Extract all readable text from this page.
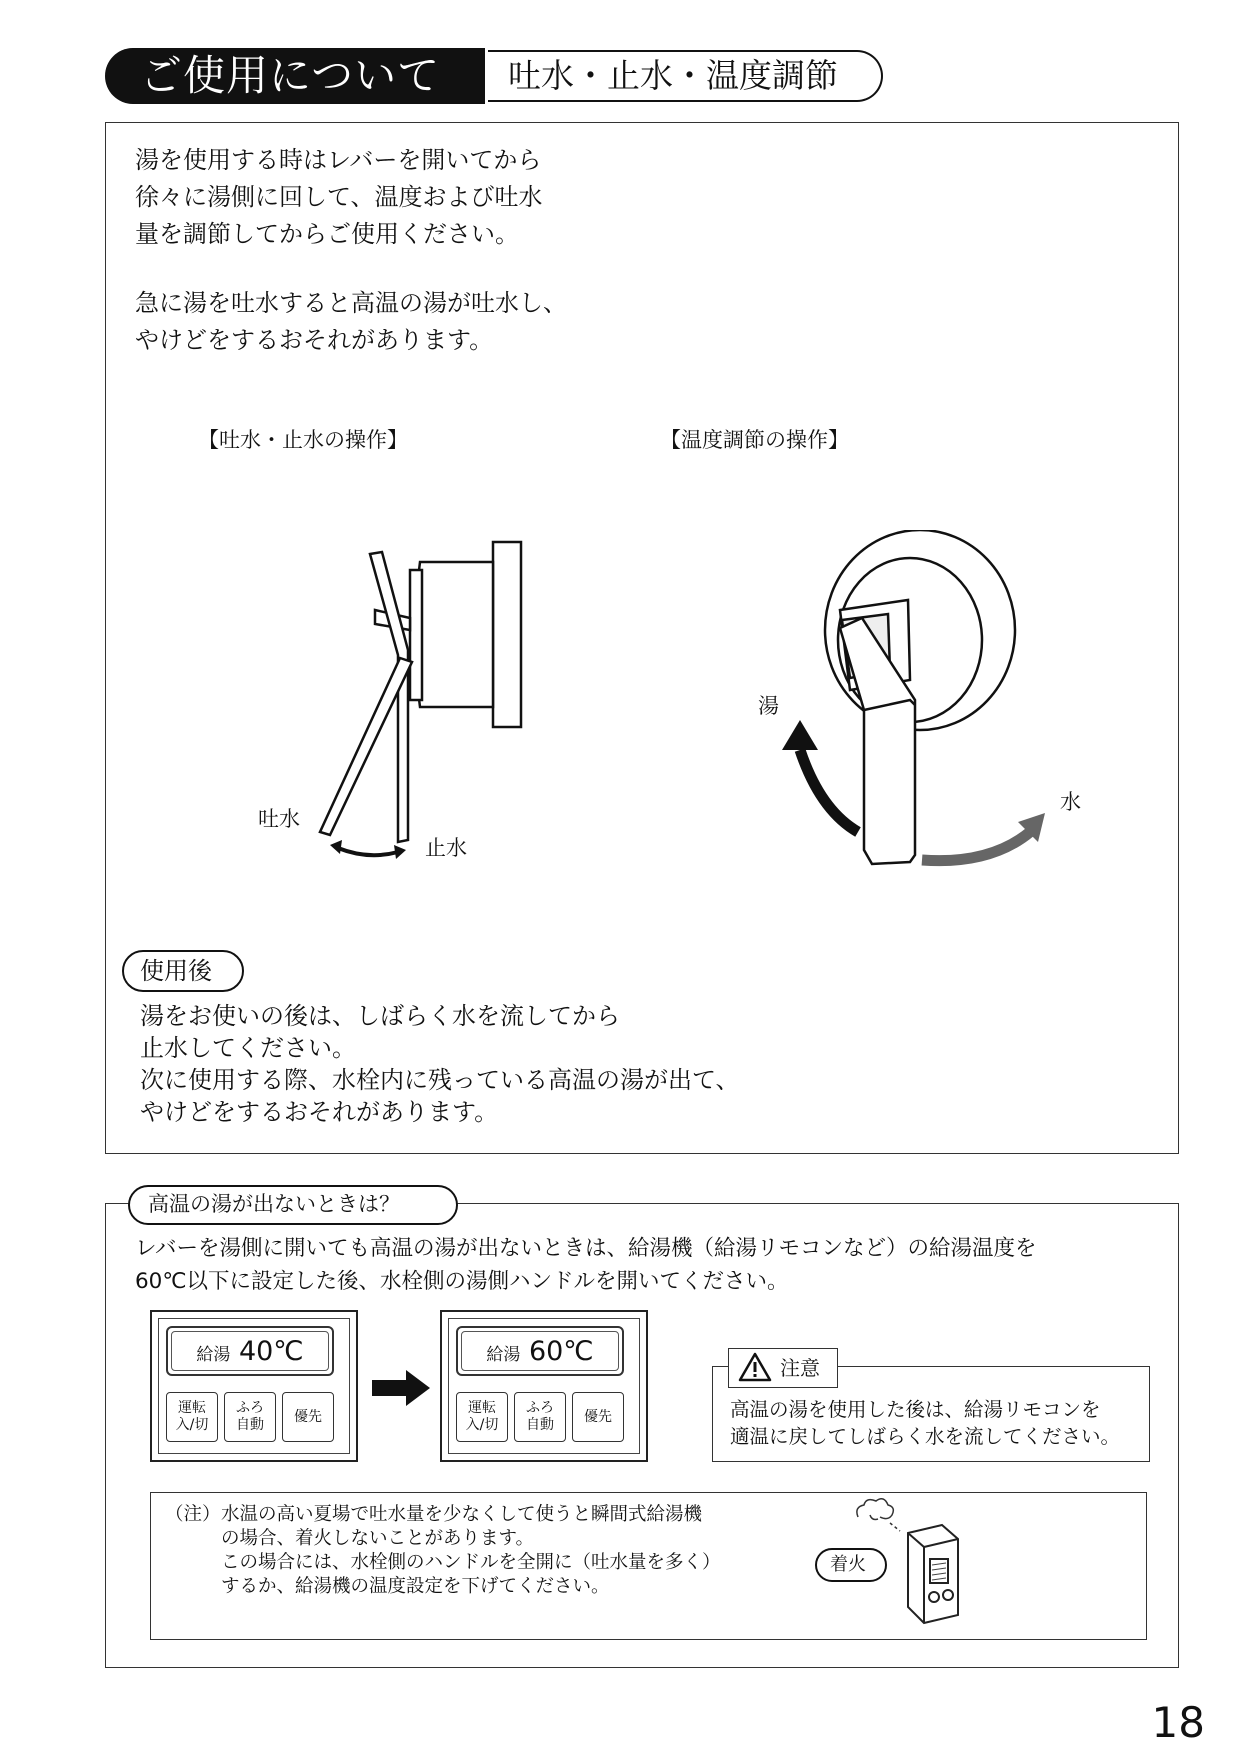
ご使用について 吐水・止水・温度調節
湯を使用する時はレバーを開いてから
徐々に湯側に回して、温度および吐水
量を調節してからご使用ください。
急に湯を吐水すると高温の湯が吐水し、
やけどをするおそれがあります。
【吐水・止水の操作】	【温度調節の操作】
吐水
止水
湯
水
使用後
湯をお使いの後は、しばらく水を流してから
止水してください。
次に使用する際、水栓内に残っている高温の湯が出て、
やけどをするおそれがあります。
高温の湯が出ないときは？
レバーを湯側に開いても高温の湯が出ないときは、給湯機（給湯リモコンなど）の給湯温度を
60℃以下に設定した後、水栓側の湯側ハンドルを開いてください。
給湯 40℃
運転
入/切
ふろ
自動
優先
給湯 60℃
運転
入/切
ふろ
自動
優先
注意
高温の湯を使用した後は、給湯リモコンを
適温に戻してしばらく水を流してください。
（注） 水温の高い夏場で吐水量を少なくして使うと瞬間式給湯機
の場合、着火しないことがあります。
この場合には、水栓側のハンドルを全開に（吐水量を多く）
するか、給湯機の温度設定を下げてください。
着火
18
